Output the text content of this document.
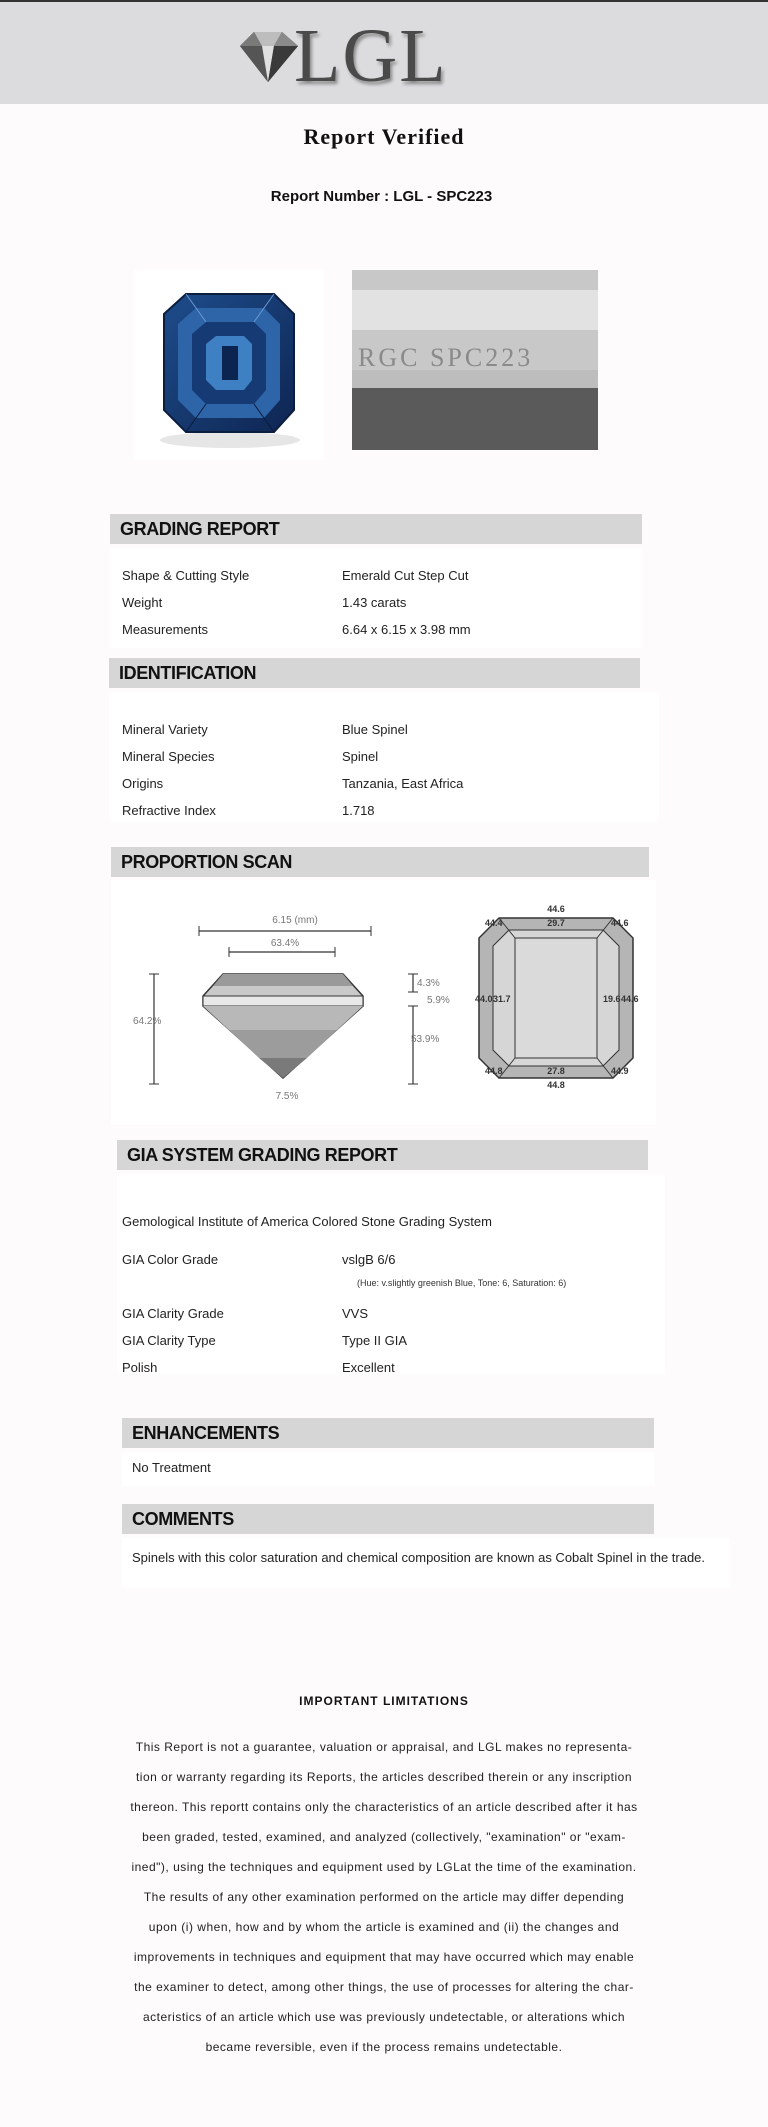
LGL
Report Verified
Report Number : LGL - SPC223
RGC SPC223
GRADING REPORT
Shape & Cutting Style	Emerald Cut Step Cut
Weight	1.43 carats
Measurements	6.64 x 6.15 x 3.98 mm
IDENTIFICATION
Mineral Variety	Blue Spinel
Mineral Species	Spinel
Origins	Tanzania, East Africa
Refractive Index	1.718
PROPORTION SCAN
6.15 (mm)
63.4%
64.2%
4.3%
5.9%
53.9%
7.5%
44.6
29.7
44.4	44.6
44.0 31.7	19.6 44.6
44.8	27.8	44.9
44.8
GIA SYSTEM GRADING REPORT
Gemological Institute of America Colored Stone Grading System
GIA Color Grade	vslgB 6/6
(Hue: v.slightly greenish Blue, Tone: 6, Saturation: 6)
GIA Clarity Grade	VVS
GIA Clarity Type	Type II GIA
Polish	Excellent
ENHANCEMENTS
No Treatment
COMMENTS
Spinels with this color saturation and chemical composition are known as Cobalt Spinel in the trade.
IMPORTANT LIMITATIONS
This Report is not a guarantee, valuation or appraisal, and LGL makes no representa-
tion or warranty regarding its Reports, the articles described therein or any inscription
thereon. This reportt contains only the characteristics of an article described after it has
been graded, tested, examined, and analyzed (collectively, "examination" or "exam-
ined"), using the techniques and equipment used by LGLat the time of the examination.
The results of any other examination performed on the article may differ depending
upon (i) when, how and by whom the article is examined and (ii) the changes and
improvements in techniques and equipment that may have occurred which may enable
the examiner to detect, among other things, the use of processes for altering the char-
acteristics of an article which use was previously undetectable, or alterations which
became reversible, even if the process remains undetectable.
